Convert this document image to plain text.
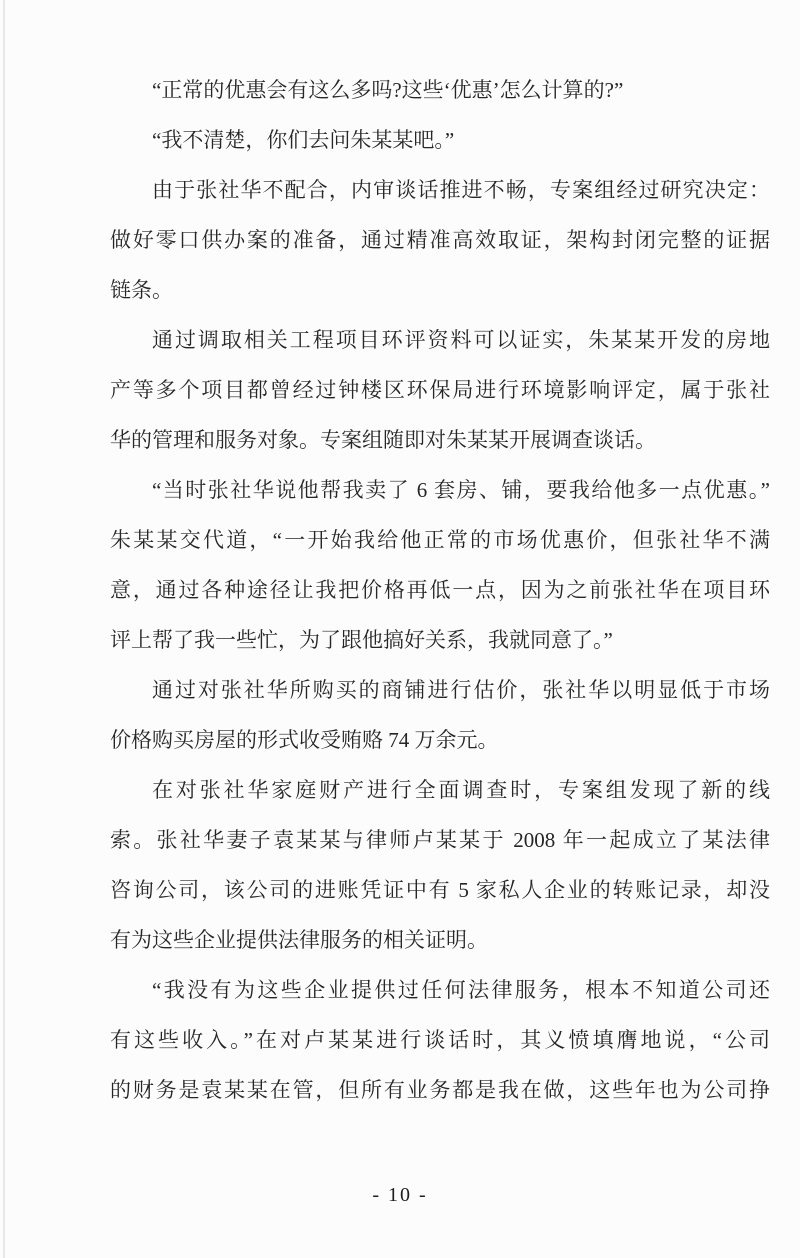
“正常的优惠会有这么多吗?这些‘优惠’怎么计算的?”
“我不清楚，你们去问朱某某吧。”
由于张社华不配合，内审谈话推进不畅，专案组经过研究决定：
做好零口供办案的准备，通过精准高效取证，架构封闭完整的证据
链条。
通过调取相关工程项目环评资料可以证实，朱某某开发的房地
产等多个项目都曾经过钟楼区环保局进行环境影响评定，属于张社
华的管理和服务对象。专案组随即对朱某某开展调查谈话。
“当时张社华说他帮我卖了 6 套房、铺，要我给他多一点优惠。”
朱某某交代道，“一开始我给他正常的市场优惠价，但张社华不满
意，通过各种途径让我把价格再低一点，因为之前张社华在项目环
评上帮了我一些忙，为了跟他搞好关系，我就同意了。”
通过对张社华所购买的商铺进行估价，张社华以明显低于市场
价格购买房屋的形式收受贿赂 74 万余元。
在对张社华家庭财产进行全面调查时，专案组发现了新的线
索。张社华妻子袁某某与律师卢某某于 2008 年一起成立了某法律
咨询公司，该公司的进账凭证中有 5 家私人企业的转账记录，却没
有为这些企业提供法律服务的相关证明。
“我没有为这些企业提供过任何法律服务，根本不知道公司还
有这些收入。”在对卢某某进行谈话时，其义愤填膺地说，“公司
的财务是袁某某在管，但所有业务都是我在做，这些年也为公司挣
- 10 -
